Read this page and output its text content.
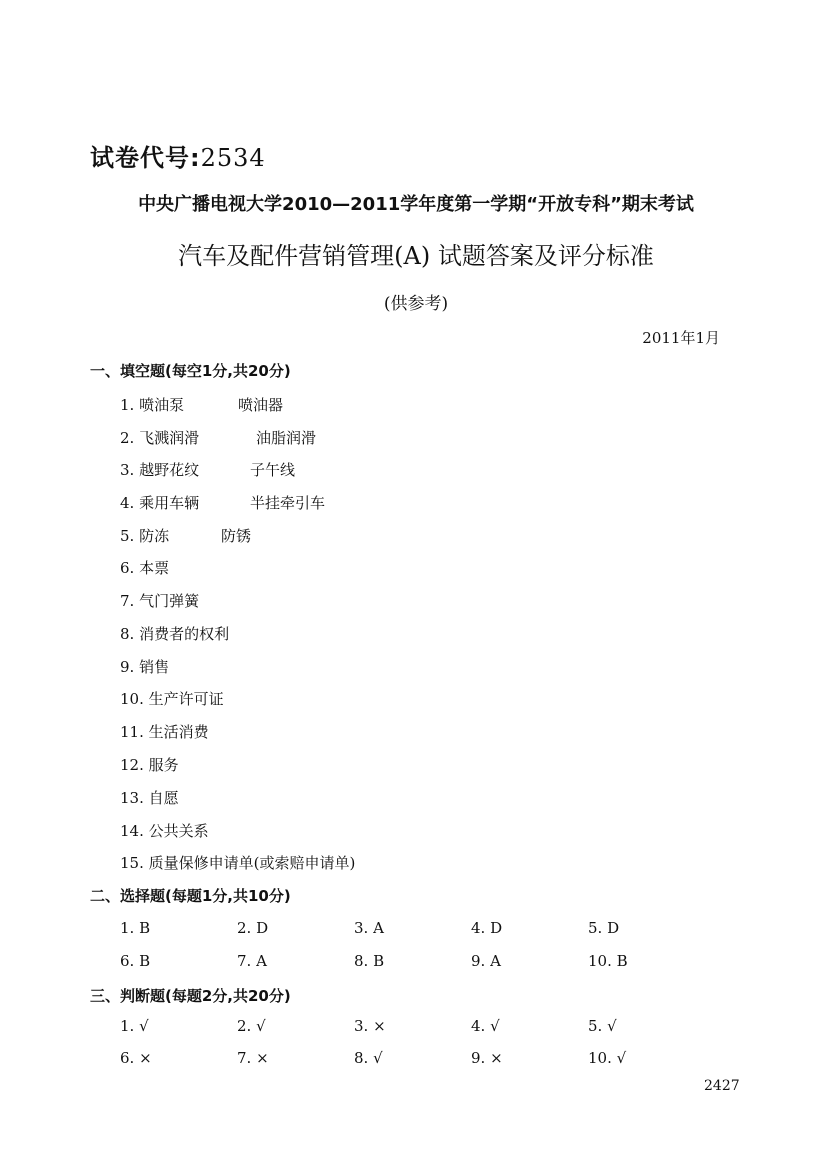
试卷代号:2534
中央广播电视大学2010—2011学年度第一学期“开放专科”期末考试
汽车及配件营销管理(A) 试题答案及评分标准
(供参考)
2011年1月
一、填空题(每空1分,共20分)
1. 喷油泵	喷油器
2. 飞溅润滑	油脂润滑
3. 越野花纹	子午线
4. 乘用车辆	半挂牵引车
5. 防冻	防锈
6. 本票
7. 气门弹簧
8. 消费者的权利
9. 销售
10. 生产许可证
11. 生活消费
12. 服务
13. 自愿
14. 公共关系
15. 质量保修申请单(或索赔申请单)
二、选择题(每题1分,共10分)
1. B	2. D	3. A	4. D	5. D
6. B	7. A	8. B	9. A	10. B
三、判断题(每题2分,共20分)
1. √	2. √	3. ×	4. √	5. √
6. ×	7. ×	8. √	9. ×	10. √
2427
